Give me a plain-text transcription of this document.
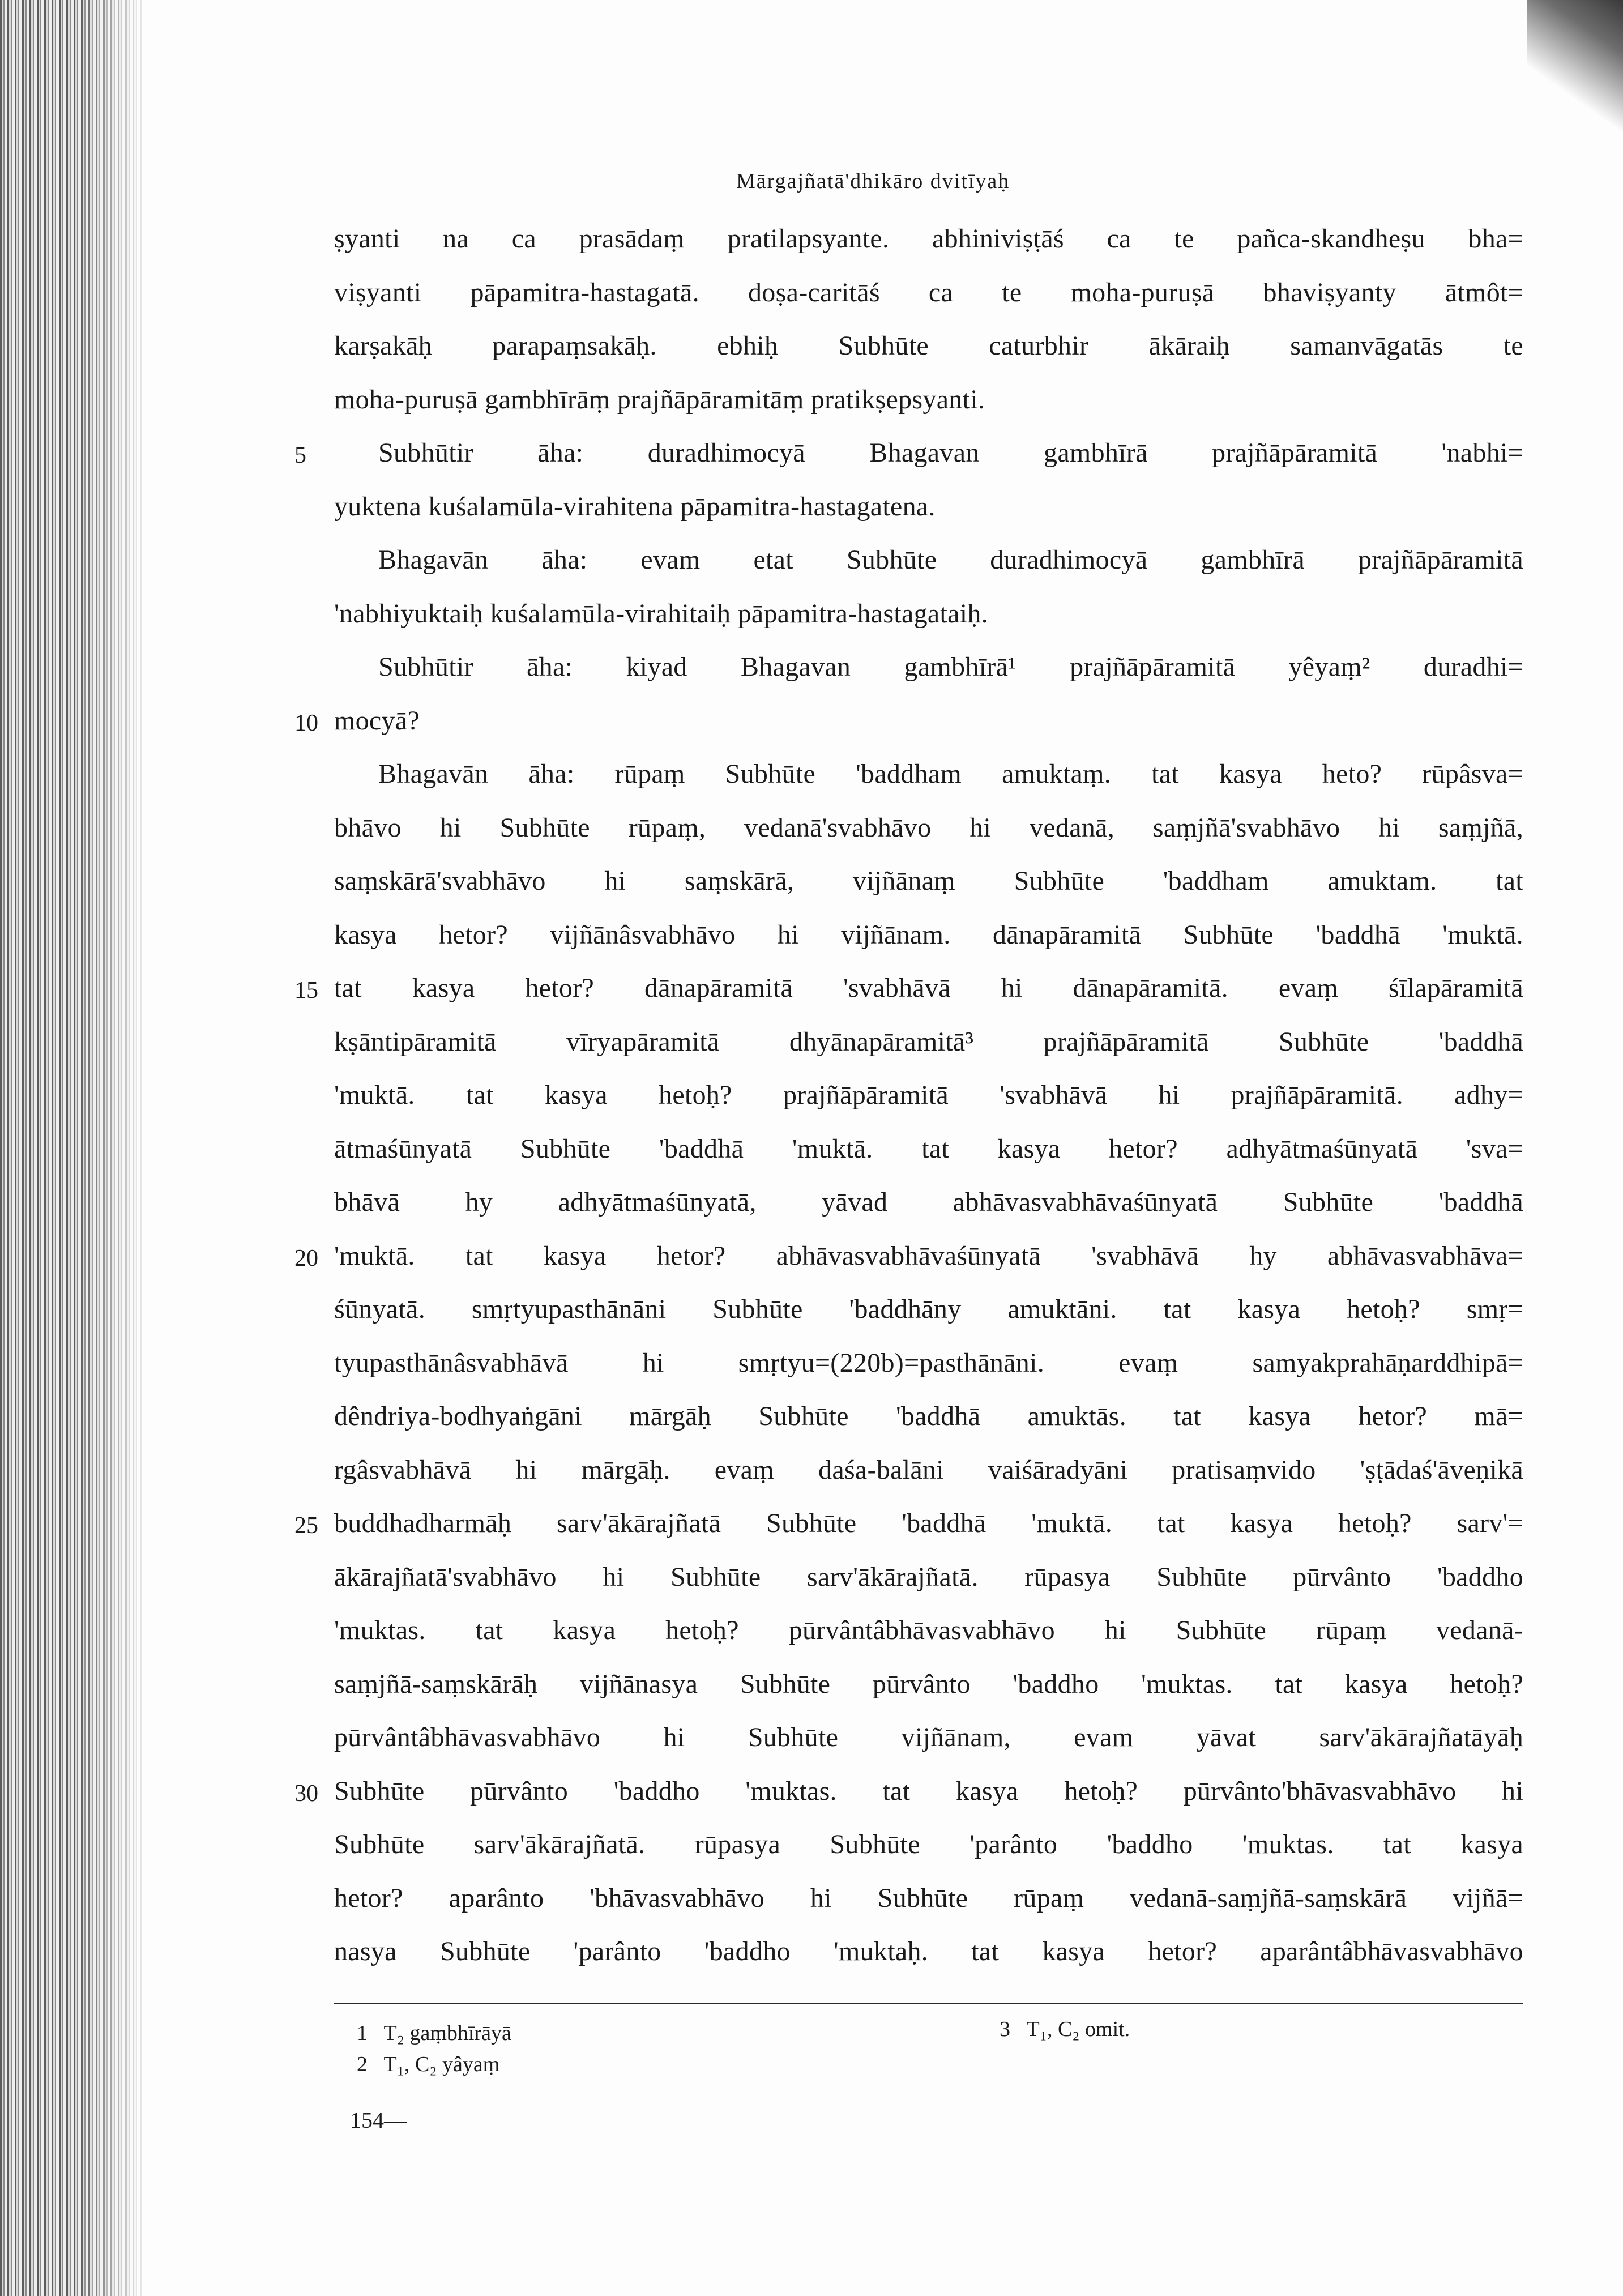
Mārgajñatā'dhikāro dvitīyaḥ
ṣyanti na ca prasādaṃ pratilapsyante. abhiniviṣṭāś ca te pañca-skandheṣu bha=
viṣyanti pāpamitra-hastagatā. doṣa-caritāś ca te moha-puruṣā bhaviṣyanty ātmôt=
karṣakāḥ parapaṃsakāḥ. ebhiḥ Subhūte caturbhir ākāraiḥ samanvāgatās te
moha-puruṣā gambhīrāṃ prajñāpāramitāṃ pratikṣepsyanti.
Subhūtir āha: duradhimocyā Bhagavan gambhīrā prajñāpāramitā 'nabhi=
5
yuktena kuśalamūla-virahitena pāpamitra-hastagatena.
Bhagavān āha: evam etat Subhūte duradhimocyā gambhīrā prajñāpāramitā
'nabhiyuktaiḥ kuśalamūla-virahitaiḥ pāpamitra-hastagataiḥ.
Subhūtir āha: kiyad Bhagavan gambhīrā¹ prajñāpāramitā yêyaṃ² duradhi=
mocyā?
10
Bhagavān āha: rūpaṃ Subhūte 'baddham amuktaṃ. tat kasya heto? rūpâsva=
bhāvo hi Subhūte rūpaṃ, vedanā'svabhāvo hi vedanā, saṃjñā'svabhāvo hi saṃjñā,
saṃskārā'svabhāvo hi saṃskārā, vijñānaṃ Subhūte 'baddham amuktam. tat
kasya hetor? vijñānâsvabhāvo hi vijñānam. dānapāramitā Subhūte 'baddhā 'muktā.
tat kasya hetor? dānapāramitā 'svabhāvā hi dānapāramitā. evaṃ śīlapāramitā
15
kṣāntipāramitā vīryapāramitā dhyānapāramitā³ prajñāpāramitā Subhūte 'baddhā
'muktā. tat kasya hetoḥ? prajñāpāramitā 'svabhāvā hi prajñāpāramitā. adhy=
ātmaśūnyatā Subhūte 'baddhā 'muktā. tat kasya hetor? adhyātmaśūnyatā 'sva=
bhāvā hy adhyātmaśūnyatā, yāvad abhāvasvabhāvaśūnyatā Subhūte 'baddhā
'muktā. tat kasya hetor? abhāvasvabhāvaśūnyatā 'svabhāvā hy abhāvasvabhāva=
20
śūnyatā. smṛtyupasthānāni Subhūte 'baddhāny amuktāni. tat kasya hetoḥ? smṛ=
tyupasthānâsvabhāvā hi smṛtyu=(220b)=pasthānāni. evaṃ samyakprahāṇarddhipā=
dêndriya-bodhyaṅgāni mārgāḥ Subhūte 'baddhā amuktās. tat kasya hetor? mā=
rgâsvabhāvā hi mārgāḥ. evaṃ daśa-balāni vaiśāradyāni pratisaṃvido 'ṣṭādaś'āveṇikā
buddhadharmāḥ sarv'ākārajñatā Subhūte 'baddhā 'muktā. tat kasya hetoḥ? sarv'=
25
ākārajñatā'svabhāvo hi Subhūte sarv'ākārajñatā. rūpasya Subhūte pūrvânto 'baddho
'muktas. tat kasya hetoḥ? pūrvântâbhāvasvabhāvo hi Subhūte rūpaṃ vedanā-
saṃjñā-saṃskārāḥ vijñānasya Subhūte pūrvânto 'baddho 'muktas. tat kasya hetoḥ?
pūrvântâbhāvasvabhāvo hi Subhūte vijñānam, evam yāvat sarv'ākārajñatāyāḥ
Subhūte pūrvânto 'baddho 'muktas. tat kasya hetoḥ? pūrvânto'bhāvasvabhāvo hi
30
Subhūte sarv'ākārajñatā. rūpasya Subhūte 'parânto 'baddho 'muktas. tat kasya
hetor? aparânto 'bhāvasvabhāvo hi Subhūte rūpaṃ vedanā-saṃjñā-saṃskārā vijñā=
nasya Subhūte 'parânto 'baddho 'muktaḥ. tat kasya hetor? aparântâbhāvasvabhāvo
1 T₂ gaṃbhīrāyā
2 T₁, C₂ yâyaṃ
3 T₁, C₂ omit.
154—
